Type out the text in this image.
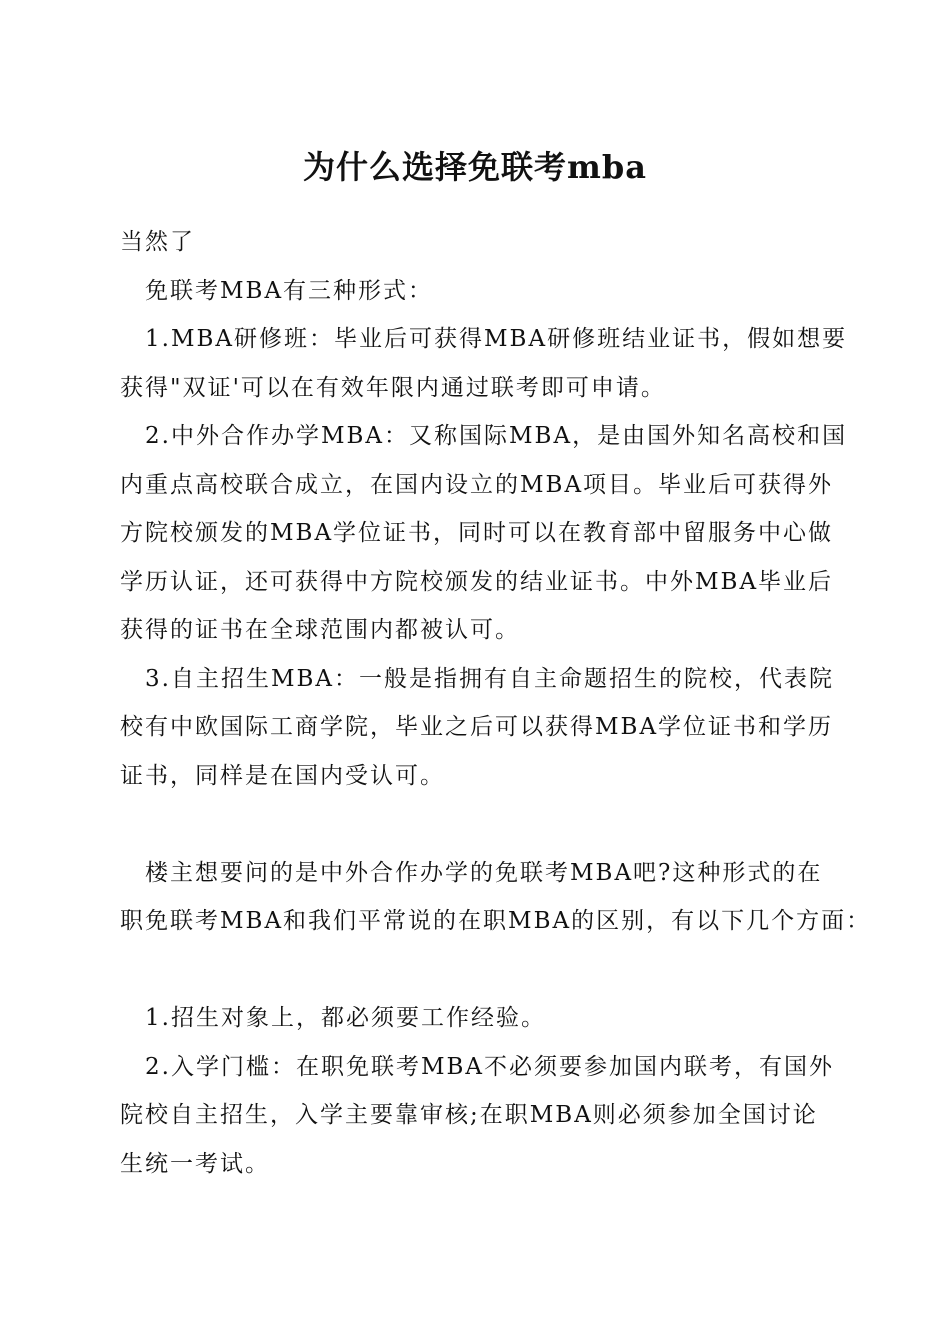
为什么选择免联考mba
当然了
免联考MBA有三种形式：
1.MBA研修班：毕业后可获得MBA研修班结业证书，假如想要
获得"双证'可以在有效年限内通过联考即可申请。
2.中外合作办学MBA：又称国际MBA，是由国外知名高校和国
内重点高校联合成立，在国内设立的MBA项目。毕业后可获得外
方院校颁发的MBA学位证书，同时可以在教育部中留服务中心做
学历认证，还可获得中方院校颁发的结业证书。中外MBA毕业后
获得的证书在全球范围内都被认可。
3.自主招生MBA：一般是指拥有自主命题招生的院校，代表院
校有中欧国际工商学院，毕业之后可以获得MBA学位证书和学历
证书，同样是在国内受认可。
楼主想要问的是中外合作办学的免联考MBA吧?这种形式的在
职免联考MBA和我们平常说的在职MBA的区别，有以下几个方面：
1.招生对象上，都必须要工作经验。
2.入学门槛：在职免联考MBA不必须要参加国内联考，有国外
院校自主招生，入学主要靠审核;在职MBA则必须参加全国讨论
生统一考试。
